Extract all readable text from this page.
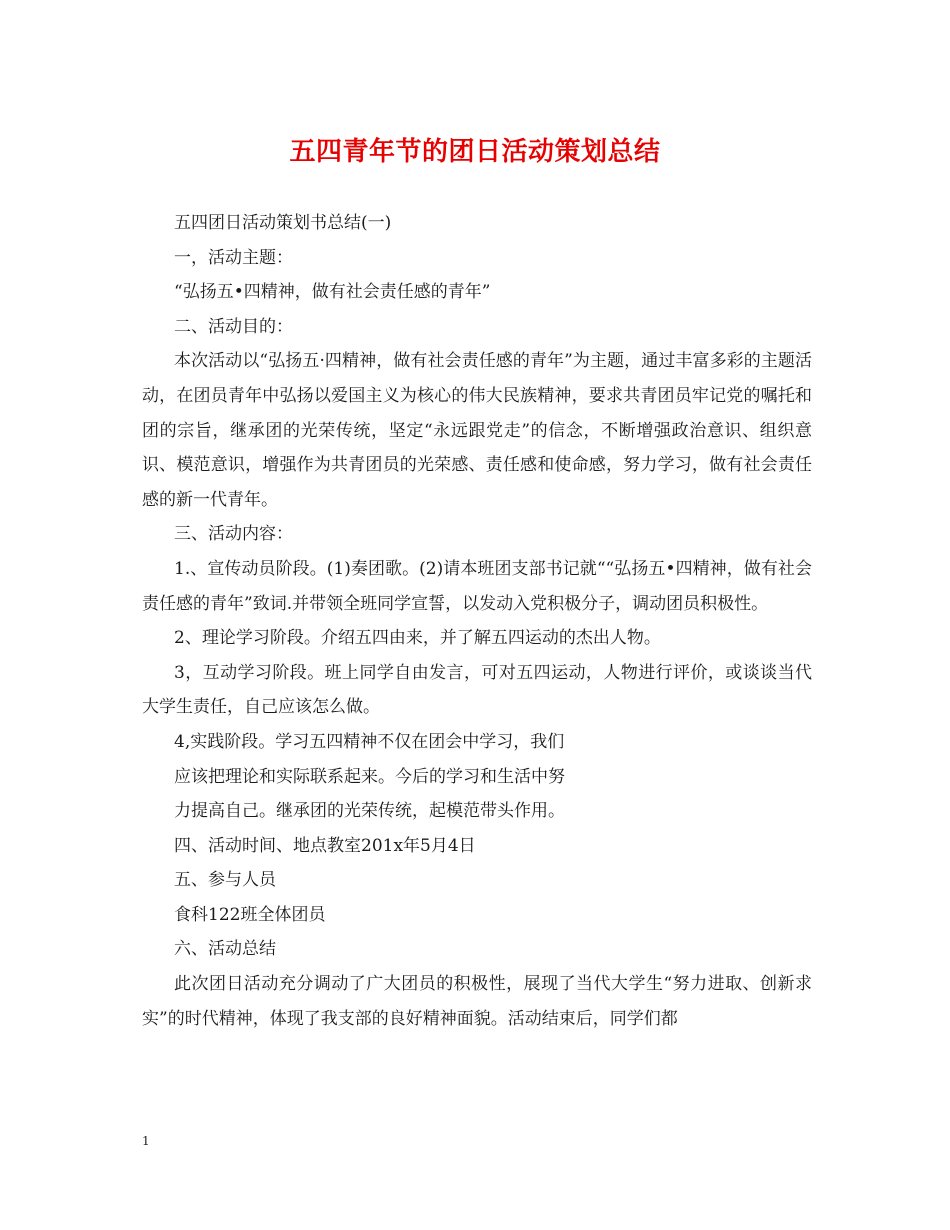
五四青年节的团日活动策划总结

五四团日活动策划书总结(一)

一，活动主题：

“弘扬五•四精神，做有社会责任感的青年”

二、活动目的：

本次活动以“弘扬五·四精神，做有社会责任感的青年”为主题，通过丰富多彩的主题活动，在团员青年中弘扬以爱国主义为核心的伟大民族精神，要求共青团员牢记党的嘱托和团的宗旨，继承团的光荣传统，坚定“永远跟党走”的信念，不断增强政治意识、组织意识、模范意识，增强作为共青团员的光荣感、责任感和使命感，努力学习，做有社会责任感的新一代青年。

三、活动内容：

1.、宣传动员阶段。(1)奏团歌。(2)请本班团支部书记就““弘扬五•四精神，做有社会责任感的青年”致词.并带领全班同学宣誓，以发动入党积极分子，调动团员积极性。

2、理论学习阶段。介绍五四由来，并了解五四运动的杰出人物。

3，互动学习阶段。班上同学自由发言，可对五四运动，人物进行评价，或谈谈当代大学生责任，自己应该怎么做。

4,实践阶段。学习五四精神不仅在团会中学习，我们

应该把理论和实际联系起来。今后的学习和生活中努

力提高自己。继承团的光荣传统，起模范带头作用。

四、活动时间、地点教室201x年5月4日

五、参与人员

食科122班全体团员

六、活动总结

此次团日活动充分调动了广大团员的积极性，展现了当代大学生“努力进取、创新求实”的时代精神，体现了我支部的良好精神面貌。活动结束后，同学们都

1
